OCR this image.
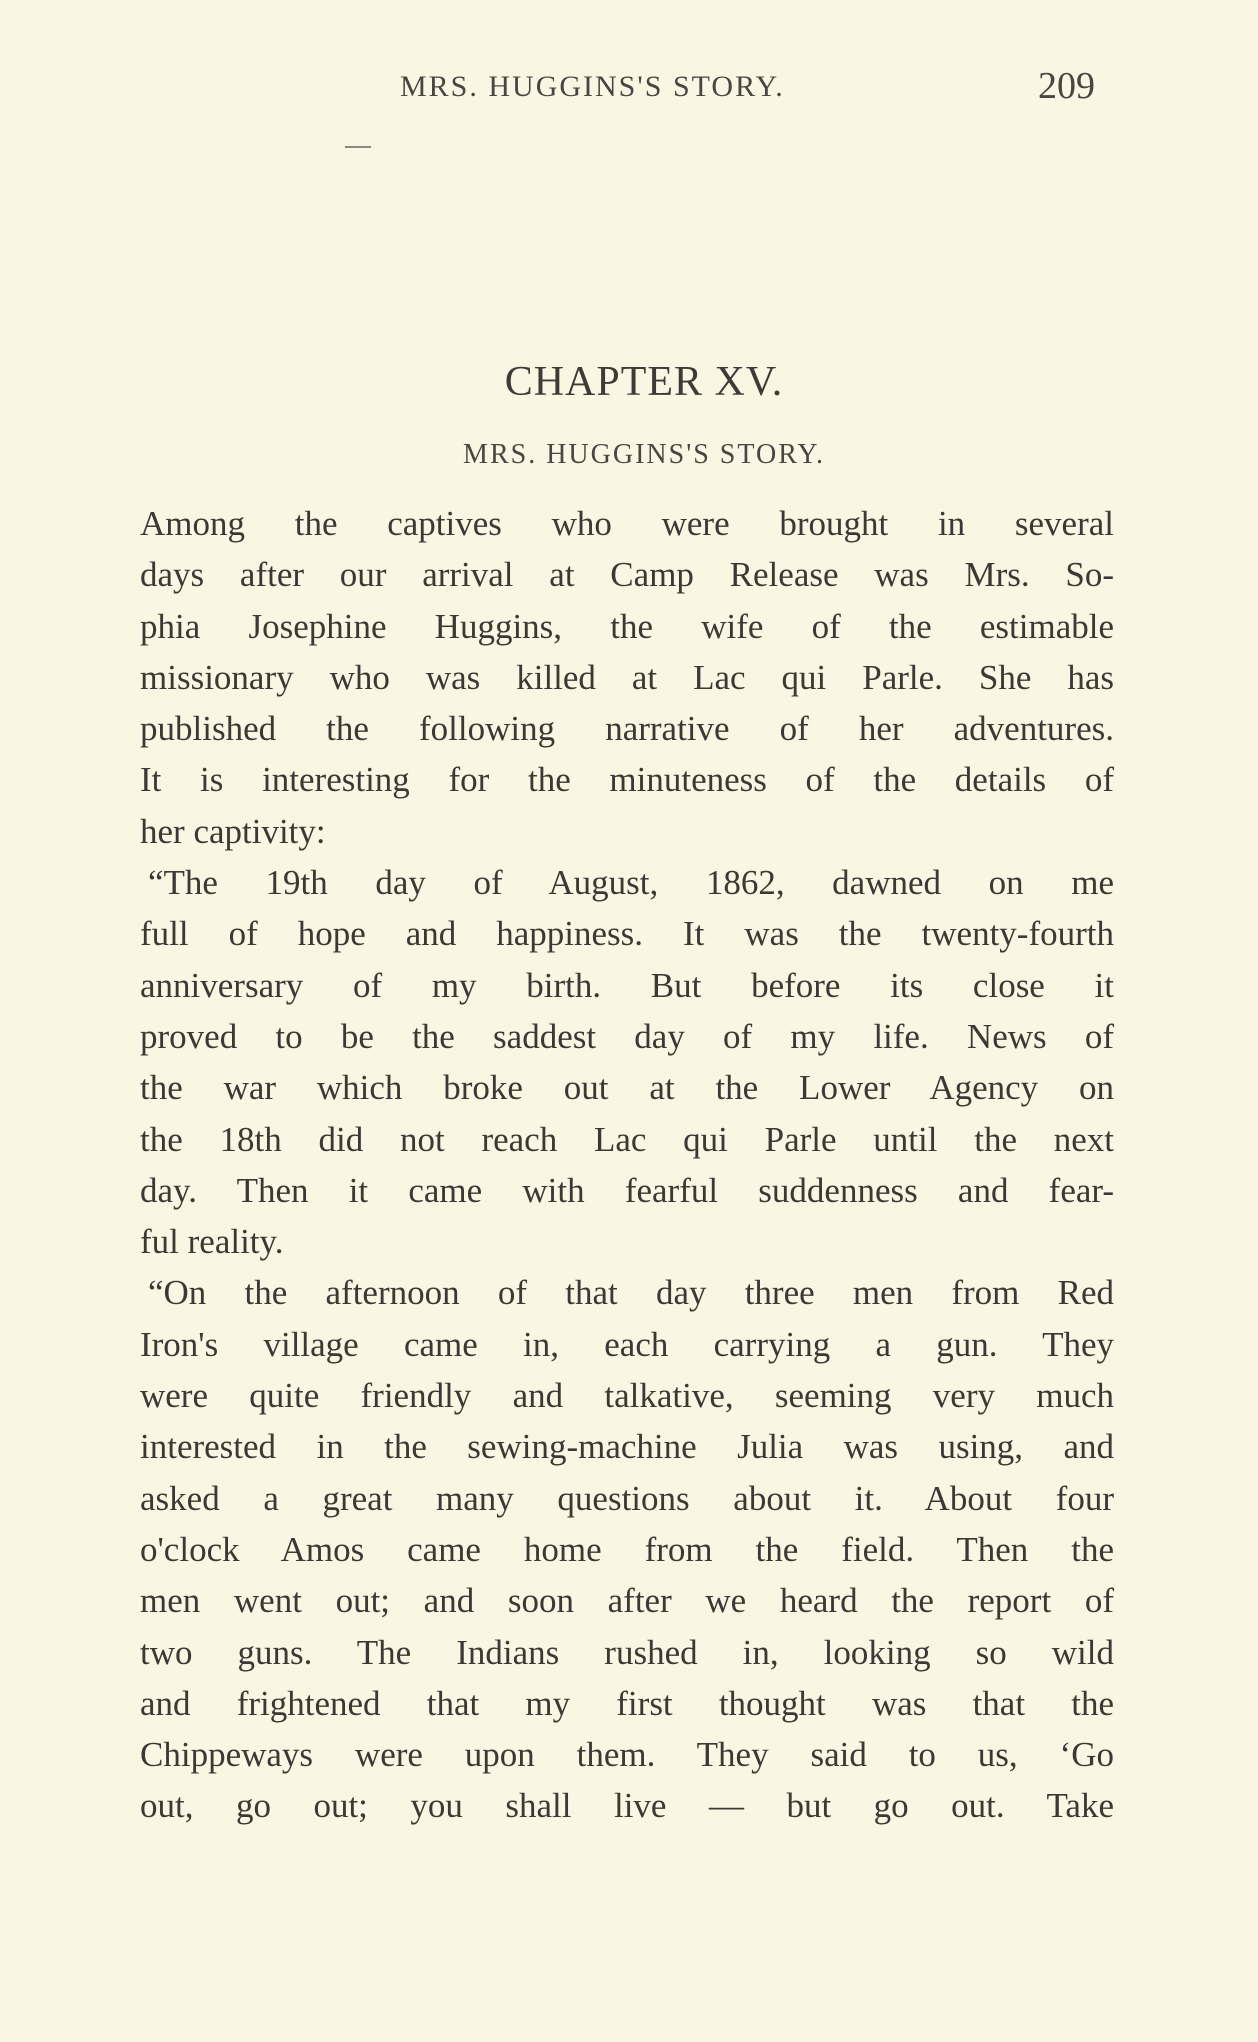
MRS. HUGGINS'S STORY.	209
CHAPTER XV.
MRS. HUGGINS'S STORY.
Among the captives who were brought in several
days after our arrival at Camp Release was Mrs. So-
phia Josephine Huggins, the wife of the estimable
missionary who was killed at Lac qui Parle. She has
published the following narrative of her adventures.
It is interesting for the minuteness of the details of
her captivity:
“The 19th day of August, 1862, dawned on me
full of hope and happiness. It was the twenty-fourth
anniversary of my birth. But before its close it
proved to be the saddest day of my life. News of
the war which broke out at the Lower Agency on
the 18th did not reach Lac qui Parle until the next
day. Then it came with fearful suddenness and fear-
ful reality.
“On the afternoon of that day three men from Red
Iron's village came in, each carrying a gun. They
were quite friendly and talkative, seeming very much
interested in the sewing-machine Julia was using, and
asked a great many questions about it. About four
o'clock Amos came home from the field. Then the
men went out; and soon after we heard the report of
two guns. The Indians rushed in, looking so wild
and frightened that my first thought was that the
Chippeways were upon them. They said to us, ‘Go
out, go out; you shall live — but go out. Take
